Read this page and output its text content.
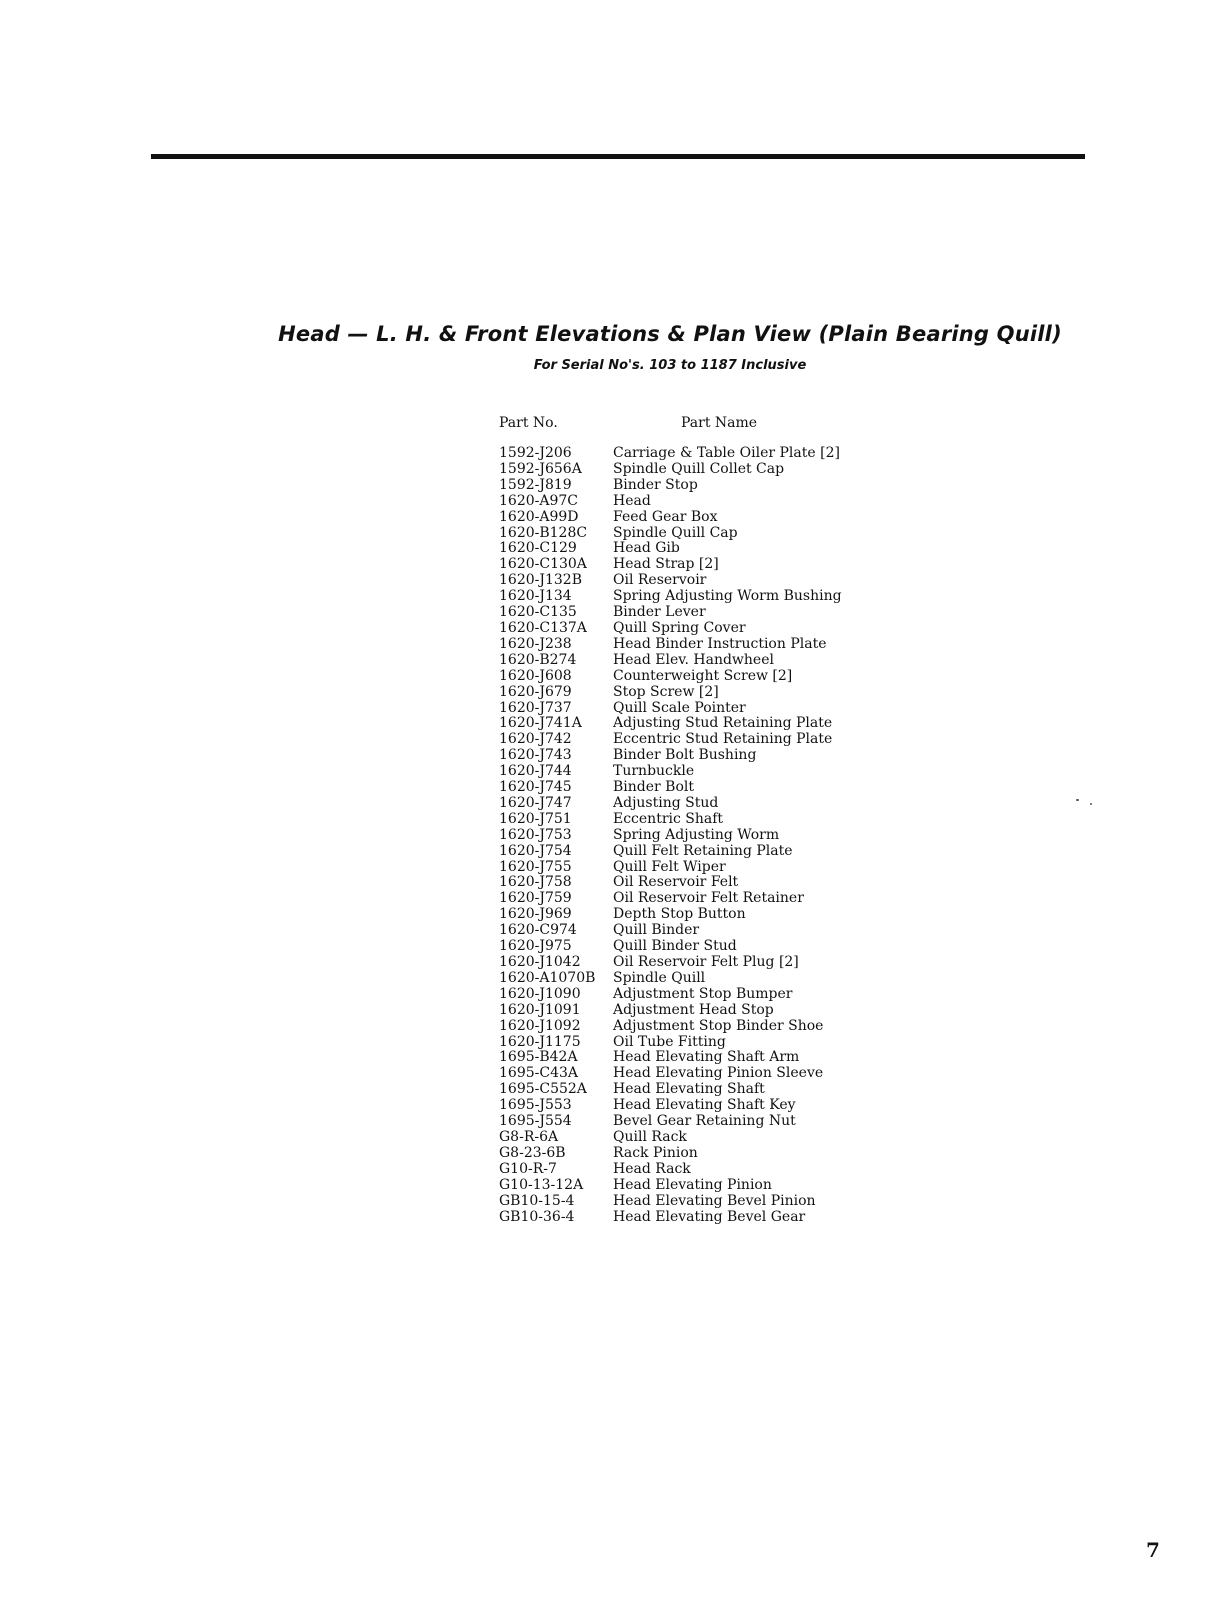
Head — L. H. & Front Elevations & Plan View (Plain Bearing Quill)
For Serial No's. 103 to 1187 Inclusive
Part No.	Part Name
1592-J206	Carriage & Table Oiler Plate [2]
1592-J656A	Spindle Quill Collet Cap
1592-J819	Binder Stop
1620-A97C	Head
1620-A99D	Feed Gear Box
1620-B128C	Spindle Quill Cap
1620-C129	Head Gib
1620-C130A	Head Strap [2]
1620-J132B	Oil Reservoir
1620-J134	Spring Adjusting Worm Bushing
1620-C135	Binder Lever
1620-C137A	Quill Spring Cover
1620-J238	Head Binder Instruction Plate
1620-B274	Head Elev. Handwheel
1620-J608	Counterweight Screw [2]
1620-J679	Stop Screw [2]
1620-J737	Quill Scale Pointer
1620-J741A	Adjusting Stud Retaining Plate
1620-J742	Eccentric Stud Retaining Plate
1620-J743	Binder Bolt Bushing
1620-J744	Turnbuckle
1620-J745	Binder Bolt
1620-J747	Adjusting Stud
1620-J751	Eccentric Shaft
1620-J753	Spring Adjusting Worm
1620-J754	Quill Felt Retaining Plate
1620-J755	Quill Felt Wiper
1620-J758	Oil Reservoir Felt
1620-J759	Oil Reservoir Felt Retainer
1620-J969	Depth Stop Button
1620-C974	Quill Binder
1620-J975	Quill Binder Stud
1620-J1042	Oil Reservoir Felt Plug [2]
1620-A1070B	Spindle Quill
1620-J1090	Adjustment Stop Bumper
1620-J1091	Adjustment Head Stop
1620-J1092	Adjustment Stop Binder Shoe
1620-J1175	Oil Tube Fitting
1695-B42A	Head Elevating Shaft Arm
1695-C43A	Head Elevating Pinion Sleeve
1695-C552A	Head Elevating Shaft
1695-J553	Head Elevating Shaft Key
1695-J554	Bevel Gear Retaining Nut
G8-R-6A	Quill Rack
G8-23-6B	Rack Pinion
G10-R-7	Head Rack
G10-13-12A	Head Elevating Pinion
GB10-15-4	Head Elevating Bevel Pinion
GB10-36-4	Head Elevating Bevel Gear
7
